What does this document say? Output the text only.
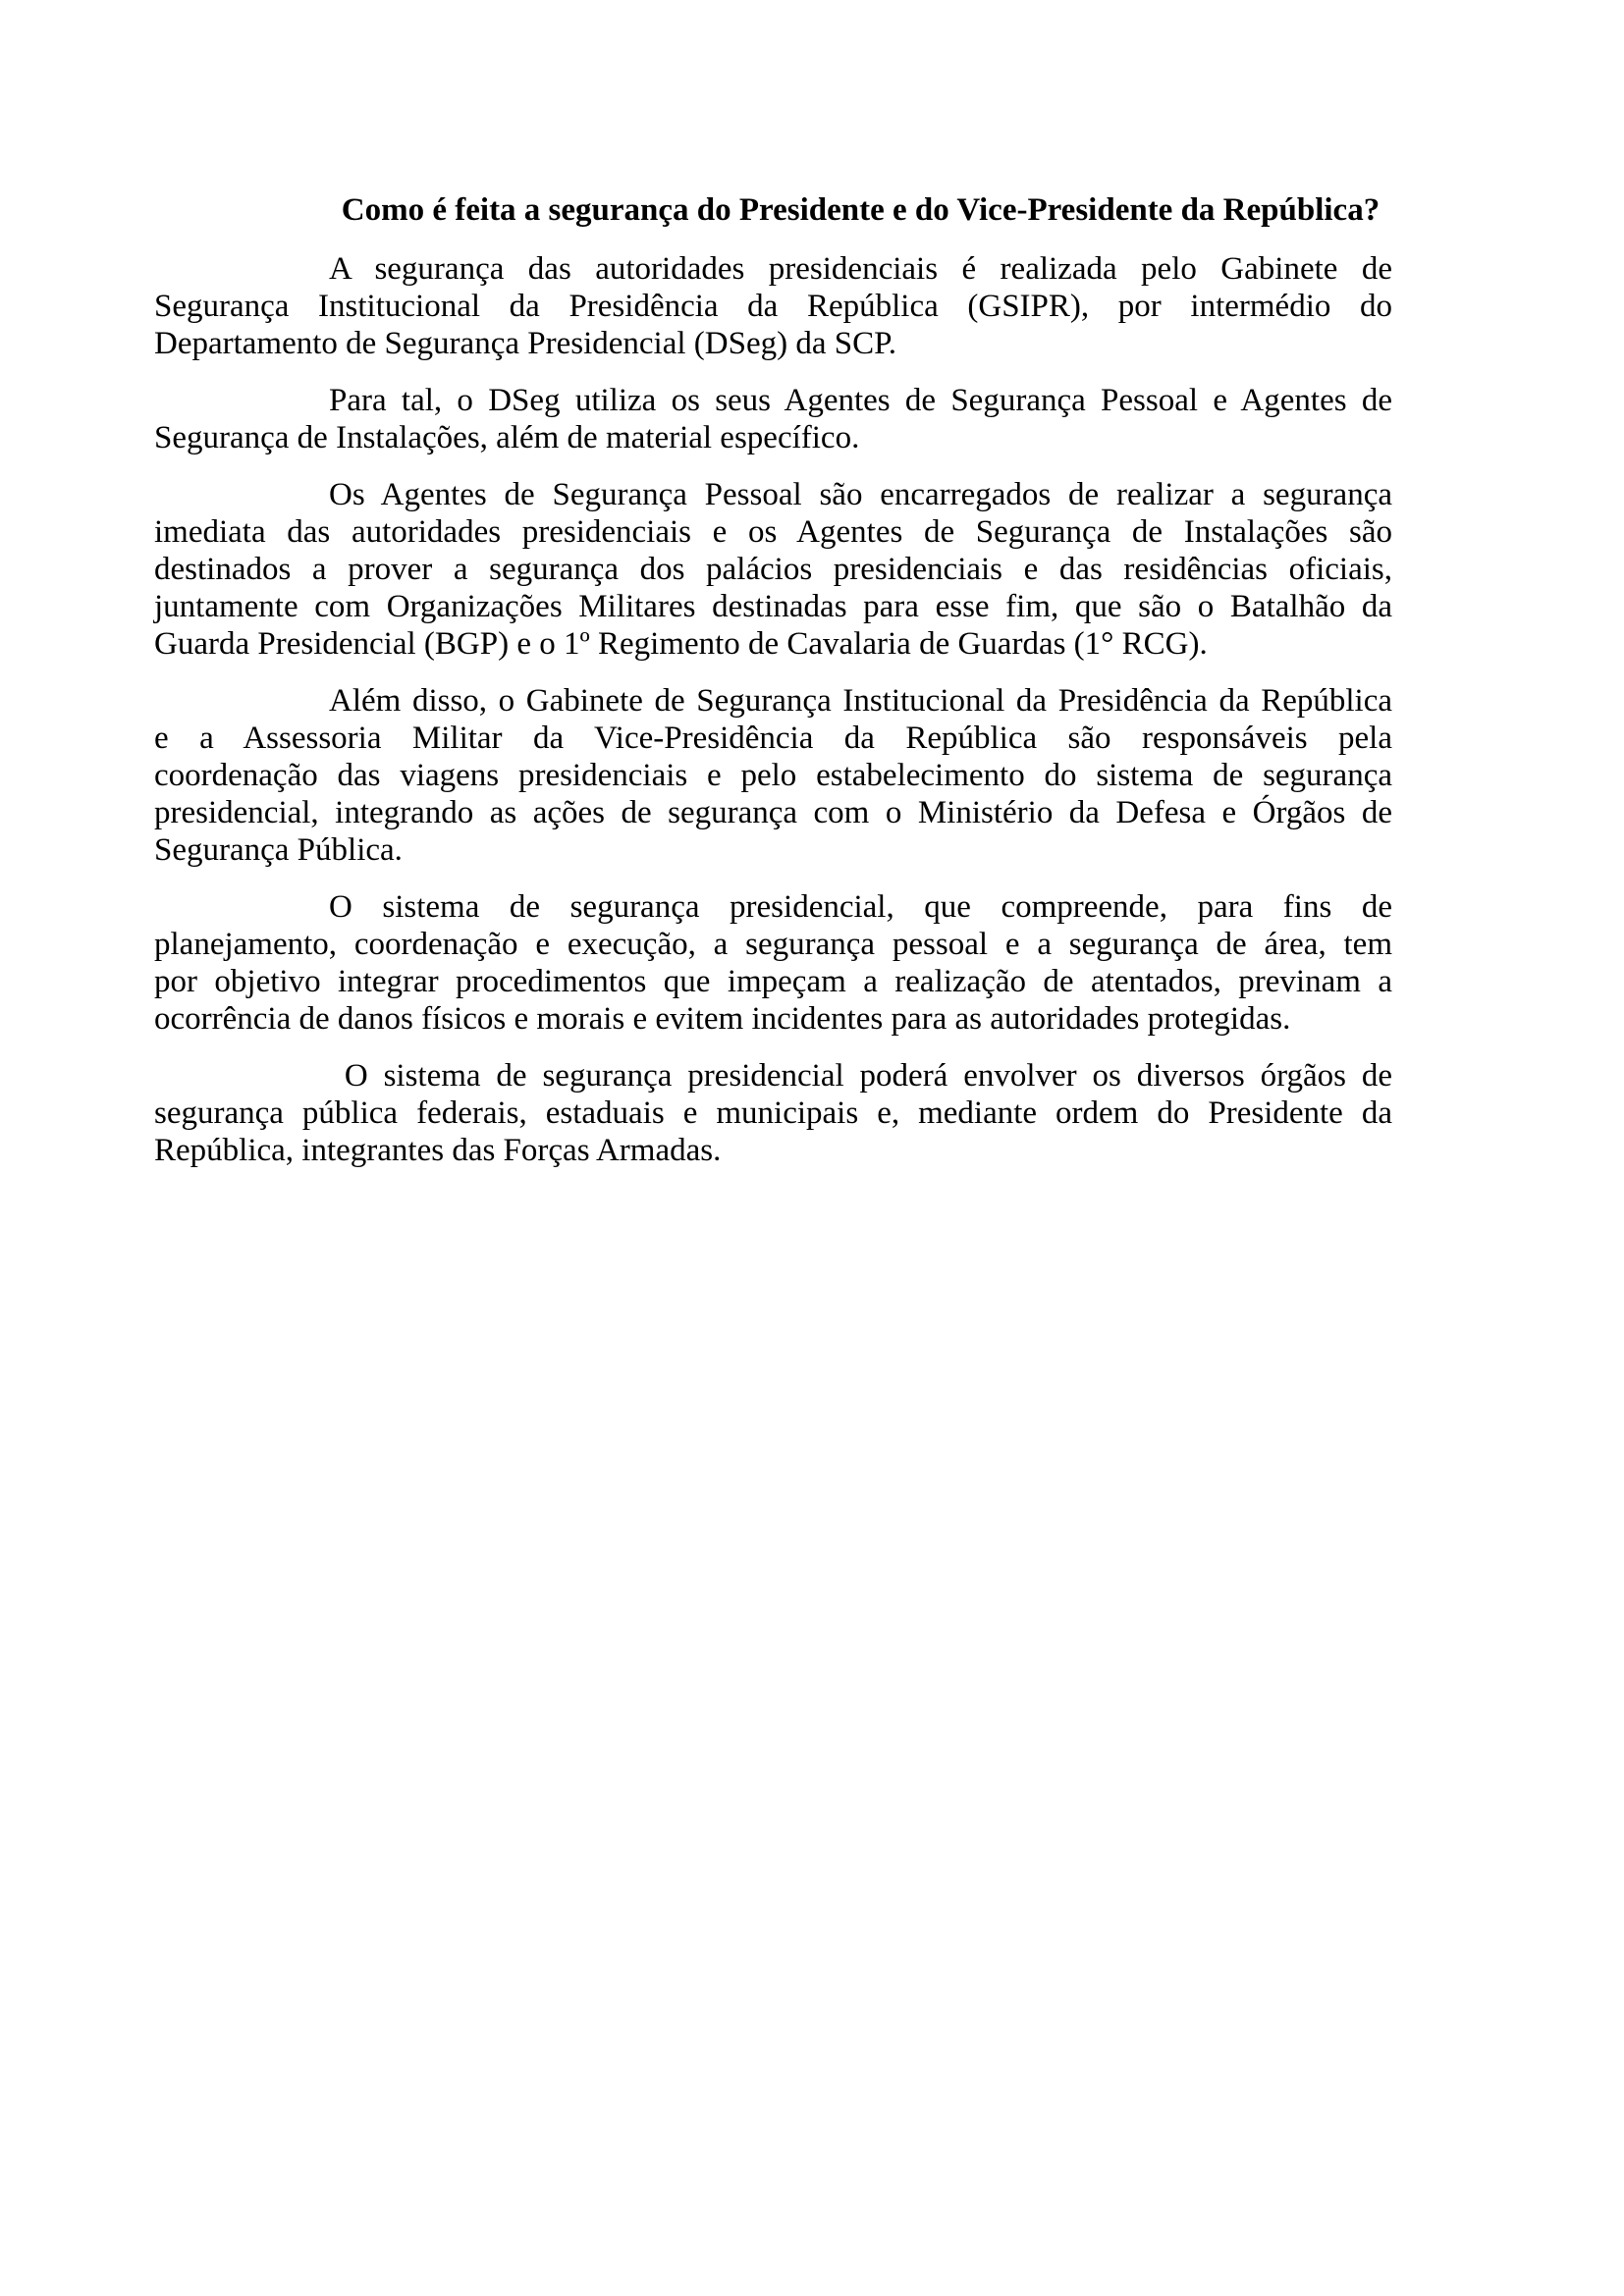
Como é feita a segurança do Presidente e do Vice-Presidente da República?

A segurança das autoridades presidenciais é realizada pelo Gabinete de
Segurança Institucional da Presidência da República (GSIPR), por intermédio do
Departamento de Segurança Presidencial (DSeg) da SCP.

Para tal, o DSeg utiliza os seus Agentes de Segurança Pessoal e Agentes de
Segurança de Instalações, além de material específico.

Os Agentes de Segurança Pessoal são encarregados de realizar a segurança
imediata das autoridades presidenciais e os Agentes de Segurança de Instalações são
destinados a prover a segurança dos palácios presidenciais e das residências oficiais,
juntamente com Organizações Militares destinadas para esse fim, que são o Batalhão da
Guarda Presidencial (BGP) e o 1º Regimento de Cavalaria de Guardas (1° RCG).

Além disso, o Gabinete de Segurança Institucional da Presidência da República
e a Assessoria Militar da Vice-Presidência da República são responsáveis pela
coordenação das viagens presidenciais e pelo estabelecimento do sistema de segurança
presidencial, integrando as ações de segurança com o Ministério da Defesa e Órgãos de
Segurança Pública.

O sistema de segurança presidencial, que compreende, para fins de
planejamento, coordenação e execução, a segurança pessoal e a segurança de área, tem
por objetivo integrar procedimentos que impeçam a realização de atentados, previnam a
ocorrência de danos físicos e morais e evitem incidentes para as autoridades protegidas.

O sistema de segurança presidencial poderá envolver os diversos órgãos de
segurança pública federais, estaduais e municipais e, mediante ordem do Presidente da
República, integrantes das Forças Armadas.
